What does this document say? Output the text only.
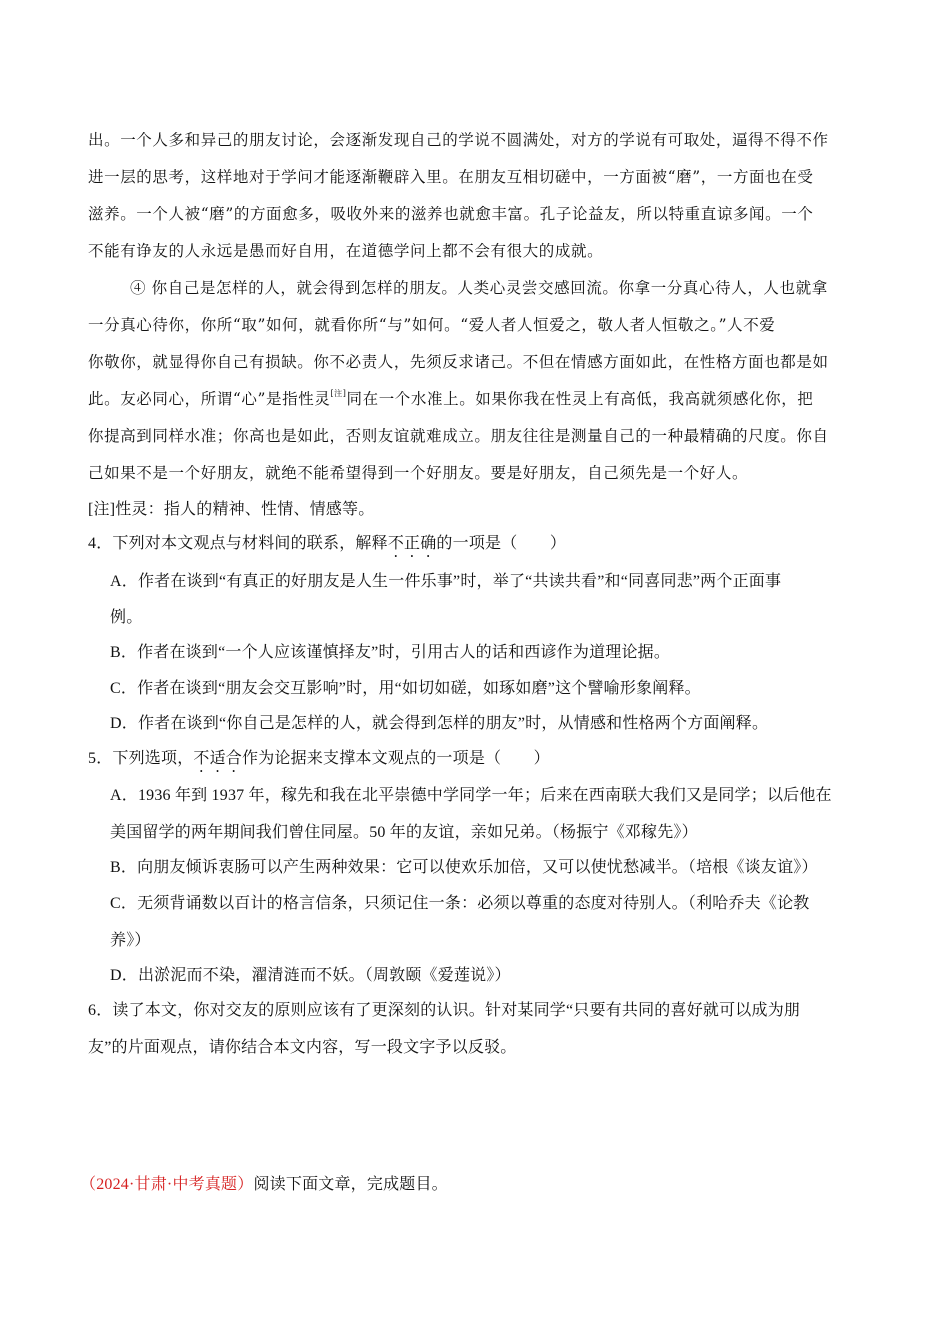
出。一个人多和异己的朋友讨论，会逐渐发现自己的学说不圆满处，对方的学说有可取处，逼得不得不作
进一层的思考，这样地对于学问才能逐渐鞭辟入里。在朋友互相切磋中，一方面被“磨”，一方面也在受
滋养。一个人被“磨”的方面愈多，吸收外来的滋养也就愈丰富。孔子论益友，所以特重直谅多闻。一个
不能有诤友的人永远是愚而好自用，在道德学问上都不会有很大的成就。
④ 你自己是怎样的人，就会得到怎样的朋友。人类心灵尝交感回流。你拿一分真心待人，人也就拿
一分真心待你，你所“取”如何，就看你所“与”如何。“爱人者人恒爱之，敬人者人恒敬之。”人不爱
你敬你，就显得你自己有损缺。你不必责人，先须反求诸己。不但在情感方面如此，在性格方面也都是如
此。友必同心，所谓“心”是指性灵[注]同在一个水准上。如果你我在性灵上有高低，我高就须感化你，把
你提高到同样水准；你高也是如此，否则友谊就难成立。朋友往往是测量自己的一种最精确的尺度。你自
己如果不是一个好朋友，就绝不能希望得到一个好朋友。要是好朋友，自己须先是一个好人。
[注]性灵：指人的精神、性情、情感等。
4．下列对本文观点与材料间的联系，解释不正确的一项是（　　）
A．作者在谈到“有真正的好朋友是人生一件乐事”时，举了“共读共看”和“同喜同悲”两个正面事
例。
B．作者在谈到“一个人应该谨慎择友”时，引用古人的话和西谚作为道理论据。
C．作者在谈到“朋友会交互影响”时，用“如切如磋，如琢如磨”这个譬喻形象阐释。
D．作者在谈到“你自己是怎样的人，就会得到怎样的朋友”时，从情感和性格两个方面阐释。
5．下列选项，不适合作为论据来支撑本文观点的一项是（　　）
A．1936 年到 1937 年，稼先和我在北平崇德中学同学一年；后来在西南联大我们又是同学；以后他在
美国留学的两年期间我们曾住同屋。50 年的友谊，亲如兄弟。（杨振宁《邓稼先》）
B．向朋友倾诉衷肠可以产生两种效果：它可以使欢乐加倍，又可以使忧愁减半。（培根《谈友谊》）
C．无须背诵数以百计的格言信条，只须记住一条：必须以尊重的态度对待别人。（利哈乔夫《论教
养》）
D．出淤泥而不染，濯清涟而不妖。（周敦颐《爱莲说》）
6．读了本文，你对交友的原则应该有了更深刻的认识。针对某同学“只要有共同的喜好就可以成为朋
友”的片面观点，请你结合本文内容，写一段文字予以反驳。
（2024·甘肃·中考真题）阅读下面文章，完成题目。
